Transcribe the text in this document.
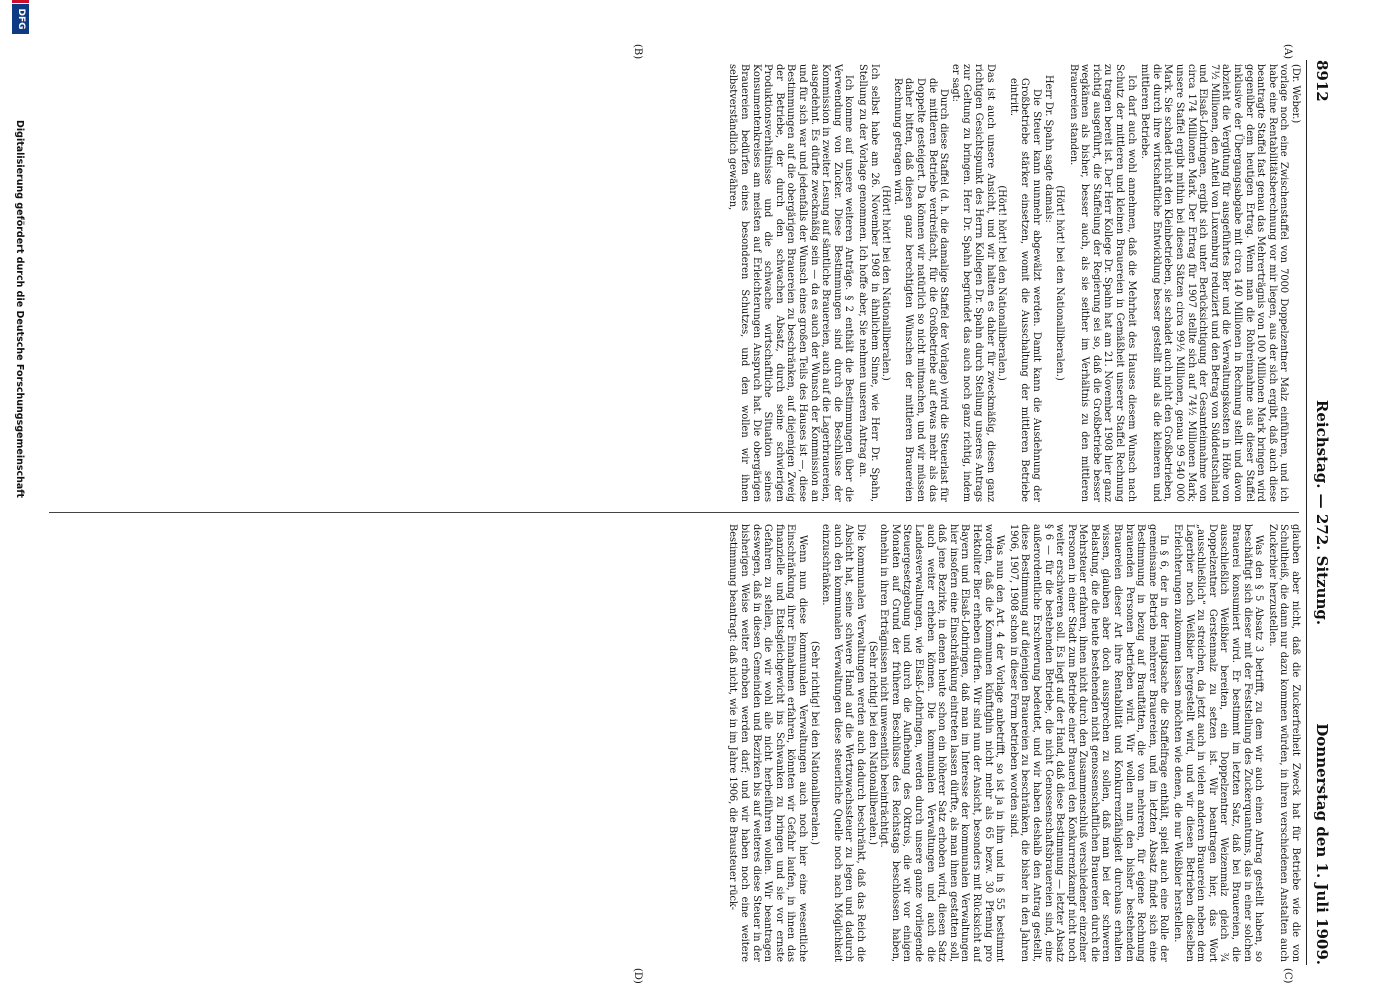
8912
Reichstag. — 272. Sitzung.
Donnerstag den 1. Juli 1909.
(A)
(B)
(C)
(D)

(Dr. Weber.)

vorlage noch eine Zwischenstaffel von 7000 Doppelzentner Malz einführen, und ich habe eine Rentabilitätsberechnung vor mir liegen, aus der sich ergibt, daß auch diese beantragte Staffel fast genau das Mehrerträgnis von 100 Millionen Mark bringen wird gegenüber dem heutigen Ertrag. Wenn man die Rohreinnahme aus dieser Staffel inklusive der Übergangsabgabe mit circa 140 Millionen in Rechnung stellt und davon abzieht die Vergütung für ausgeführtes Bier und die Verwaltungskosten in Höhe von 7½ Millionen, den Anteil von Luxemburg reduziert und den Betrag von Süddeutschland und Elsaß-Lothringen, ergibt sich unter Berücksichtigung der Gesamteinnahme von circa 174 Millionen Mark. Der Ertrag für 1907 stellte sich auf 74½ Millionen Mark; unsere Staffel ergibt mithin bei diesen Sätzen circa 99½ Millionen, genau 99 540 000 Mark. Sie schadet nicht den Kleinbetrieben, sie schadet auch nicht den Großbetrieben, die durch ihre wirtschaftliche Entwicklung besser gestellt sind als die kleineren und mittleren Betriebe.

Ich darf auch wohl annehmen, daß die Mehrheit des Hauses diesem Wunsch nach Schutz der mittleren und kleinen Brauereien in Gemäßheit unserer Staffel Rechnung zu tragen bereit ist. Der Herr Kollege Dr. Spahn hat am 21. November 1908 hier ganz richtig ausgeführt, die Staffelung der Regierung sei so, daß die Großbetriebe besser wegkämen als bisher, besser auch, als sie seither im Verhältnis zu den mittleren Brauereien standen.

(Hört! hört! bei den Nationalliberalen.)

Herr Dr. Spahn sagte damals:

Die Steuer kann nunmehr abgewälzt werden. Damit kann die Ausdehnung der Großbetriebe stärker einsetzen, womit die Ausschaltung der mittleren Betriebe eintritt.

(Hört! hört! bei den Nationalliberalen.)

Das ist auch unsere Ansicht, und wir halten es daher für zweckmäßig, diesen ganz richtigen Gesichtspunkt des Herrn Kollegen Dr. Spahn durch Stellung unseres Antrags zur Geltung zu bringen. Herr Dr. Spahn begründet das auch noch ganz richtig, indem er sagt:

Durch diese Staffel (d. h. die damalige Staffel der Vorlage) wird die Steuerlast für die mittleren Betriebe verdreifacht, für die Großbetriebe auf etwas mehr als das Doppelte gesteigert. Da können wir natürlich so nicht mitmachen, und wir müssen daher bitten, daß diesen ganz berechtigten Wünschen der mittleren Brauereien Rechnung getragen wird.

(Hört! hört! bei den Nationalliberalen.)

Ich selbst habe am 26. November 1908 in ähnlichem Sinne, wie Herr Dr. Spahn, Stellung zu der Vorlage genommen. Ich hoffe aber, Sie nehmen unseren Antrag an.

Ich komme auf unsere weiteren Anträge. § 2 enthält die Bestimmungen über die Verwendung von Zucker. Diese Bestimmungen sind durch die Beschlüsse der Kommission in zweiter Lesung auf sämtliche Brauereien, auch auf die Lagerbrauereien, ausgedehnt. Es dürfte zweckmäßig sein — da es auch der Wunsch der Kommission an und für sich war und jedenfalls der Wunsch eines großen Teils des Hauses ist —, diese Bestimmungen auf die obergärigen Brauereien zu beschränken, auf diejenigen Zweig der Betriebe, der durch den schwachen Absatz, durch seine schwierigen Produktionsverhältnisse und die schwache wirtschaftliche Situation seines Konsumentenkreises am meisten auf Erleichterungen Anspruch hat. Die obergärigen Brauereien bedürfen eines besonderen Schutzes, und den wollen wir ihnen selbstverständlich gewähren,

glauben aber nicht, daß die Zuckerfreiheit Zweck hat für Betriebe wie die von Schultheiß, die dann nur dazu kommen würden, in ihren verschiedenen Anstalten auch Zuckerbier herzustellen.

Was den § 5 Absatz 3 betrifft, zu dem wir auch einen Antrag gestellt haben, so beschäftigt sich dieser mit der Feststellung des Zuckerquantums, das in einer solchen Brauerei konsumiert wird. Er bestimmt im letzten Satz, daß bei Brauereien, die ausschließlich Weißbier bereiten, ein Doppelzentner Weizenmalz gleich ¾ Doppelzentner Gerstenmalz zu setzen ist. Wir beantragen hier, das Wort „ausschließlich“ zu streichen, da jetzt auch in vielen anderen Brauereien neben dem Lagerbier noch Weißbier hergestellt wird, und wir diesen Betrieben dieselben Erleichterungen zukommen lassen möchten wie denen, die nur Weißbier herstellen.

In § 6, der in der Hauptsache die Staffelfrage enthält, spielt auch eine Rolle der gemeinsame Betrieb mehrerer Brauereien, und im letzten Absatz findet sich eine Bestimmung in bezug auf Brauftätten, die von mehreren, für eigene Rechnung brauenden Personen betrieben wird. Wir wollen nun den bisher bestehenden Brauereien dieser Art ihre Rentabilität und Konkurrenzfähigkeit durchaus erhalten wissen, glauben aber doch aussprechen zu sollen, daß man bei der schweren Belastung, die die heute bestehenden nicht genossenschaftlichen Brauereien durch die Mehrsteuer erfahren, ihnen nicht durch den Zusammenschluß verschiedener einzelner Personen in einer Stadt zum Betriebe einer Brauerei den Konkurrenzkampf nicht noch weiter erschweren soll. Es liegt auf der Hand, daß diese Bestimmung — letzter Absatz § 6 — für die bestehenden Betriebe, die nicht Genossenschaftsbrauereien sind, eine außerordentliche Erschwerung bedeutet, und wir haben deshalb den Antrag gestellt, diese Bestimmung auf diejenigen Brauereien zu beschränken, die bisher in den Jahren 1906, 1907, 1908 schon in dieser Form betrieben worden sind.

Was nun den Art. 4 der Vorlage anbetrifft, so ist ja in ihm und in § 55 bestimmt worden, daß die Kommunen künftighin nicht mehr als 65 bezw. 30 Pfennig pro Hektoliter Bier erheben dürfen. Wir sind nun der Ansicht, besonders mit Rücksicht auf Bayern und Elsaß-Lothringen, daß man im Interesse der kommunalen Verwaltungen hier insofern eine Einschränkung eintreten lassen dürfte, als man ihnen gestatten soll, daß jene Bezirke, in denen heute schon ein höherer Satz erhoben wird, diesen Satz auch weiter erheben können. Die kommunalen Verwaltungen und auch die Landesverwaltungen, wie Elsaß-Lothringen, werden durch unsere ganze vorliegende Steuergesetzgebung und durch die Aufhebung des Oktrois, die wir vor einigen Monaten auf Grund der früheren Beschlüsse des Reichstags beschlossen haben, ohnehin in ihren Erträgnissen nicht unwesentlich beeinträchtigt.

(Sehr richtig! bei den Nationalliberalen.)

Die kommunalen Verwaltungen werden auch dadurch beschränkt, daß das Reich die Absicht hat, seine schwere Hand auf die Wertzuwachssteuer zu legen und dadurch auch den kommunalen Verwaltungen diese steuerliche Quelle noch nach Möglichkeit einzuschränken.

(Sehr richtig! bei den Nationalliberalen.)

Wenn nun diese kommunalen Verwaltungen auch noch hier eine wesentliche Einschränkung ihrer Einnahmen erfahren, könnten wir Gefahr laufen, in ihnen das finanzielle und Etatsgleichgewicht ins Schwanken zu bringen und sie vor ernste Gefahren zu stellen, die wir wohl alle nicht herbeiführen wollen. Wir beantragen deswegen, daß in diesen Gemeinden und Bezirken bis auf weiteres diese Steuer in der bisherigen Weise weiter erhoben werden darf; und wir haben noch eine weitere Bestimmung beantragt: daß nicht, wie in im Jahre 1906, die Brausteuer rück-

DFG
Digitalisierung gefördert durch die Deutsche Forschungsgemeinschaft
